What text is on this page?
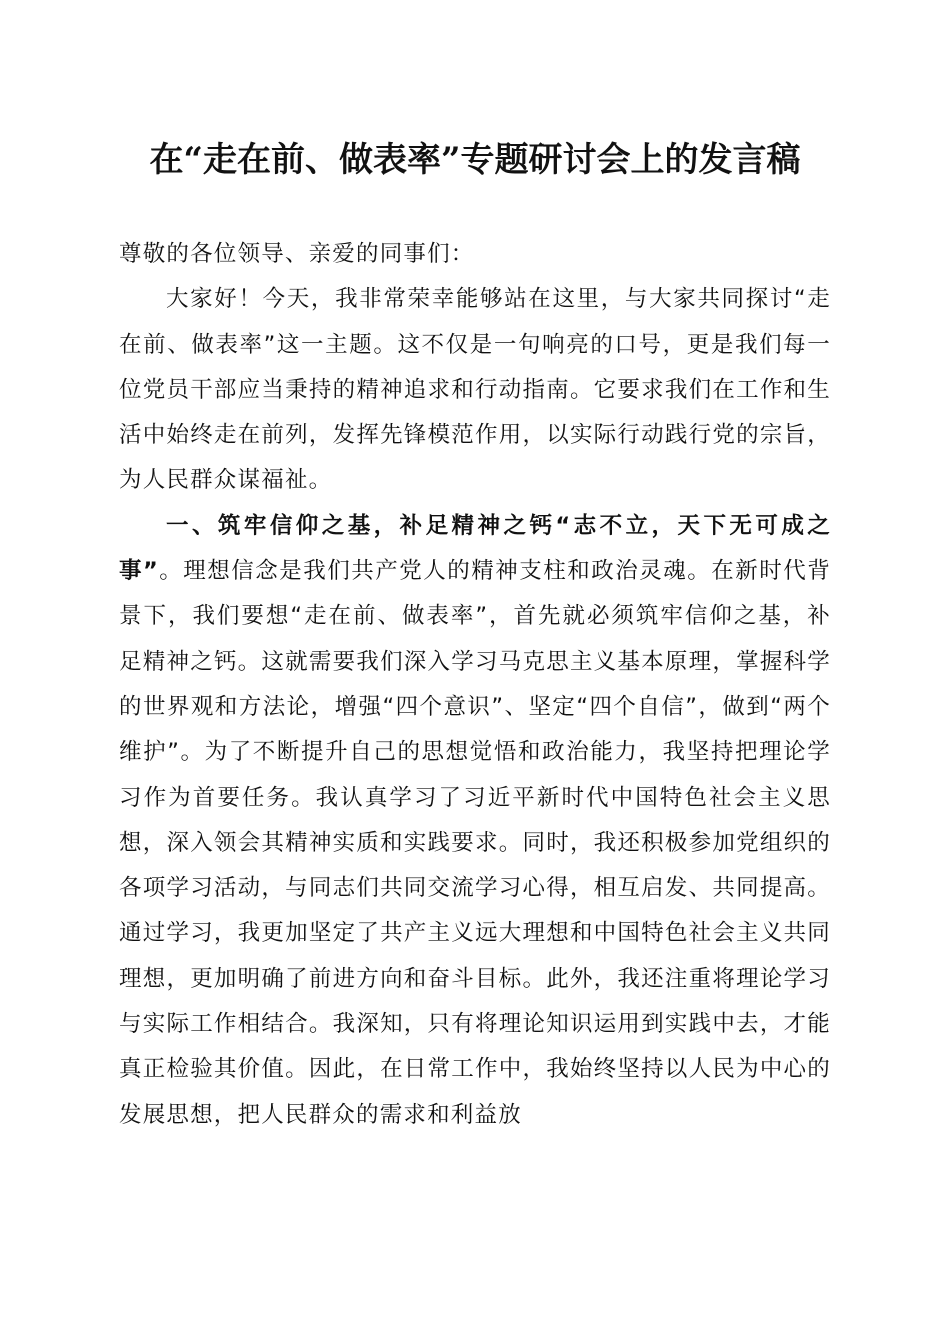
在“走在前、做表率”专题研讨会上的发言稿

尊敬的各位领导、亲爱的同事们：

大家好！今天，我非常荣幸能够站在这里，与大家共同探讨“走在前、做表率”这一主题。这不仅是一句响亮的口号，更是我们每一位党员干部应当秉持的精神追求和行动指南。它要求我们在工作和生活中始终走在前列，发挥先锋模范作用，以实际行动践行党的宗旨，为人民群众谋福祉。

一、筑牢信仰之基，补足精神之钙“志不立，天下无可成之事”。理想信念是我们共产党人的精神支柱和政治灵魂。在新时代背景下，我们要想“走在前、做表率”，首先就必须筑牢信仰之基，补足精神之钙。这就需要我们深入学习马克思主义基本原理，掌握科学的世界观和方法论，增强“四个意识”、坚定“四个自信”，做到“两个维护”。为了不断提升自己的思想觉悟和政治能力，我坚持把理论学习作为首要任务。我认真学习了习近平新时代中国特色社会主义思想，深入领会其精神实质和实践要求。同时，我还积极参加党组织的各项学习活动，与同志们共同交流学习心得，相互启发、共同提高。通过学习，我更加坚定了共产主义远大理想和中国特色社会主义共同理想，更加明确了前进方向和奋斗目标。此外，我还注重将理论学习与实际工作相结合。我深知，只有将理论知识运用到实践中去，才能真正检验其价值。因此，在日常工作中，我始终坚持以人民为中心的发展思想，把人民群众的需求和利益放
